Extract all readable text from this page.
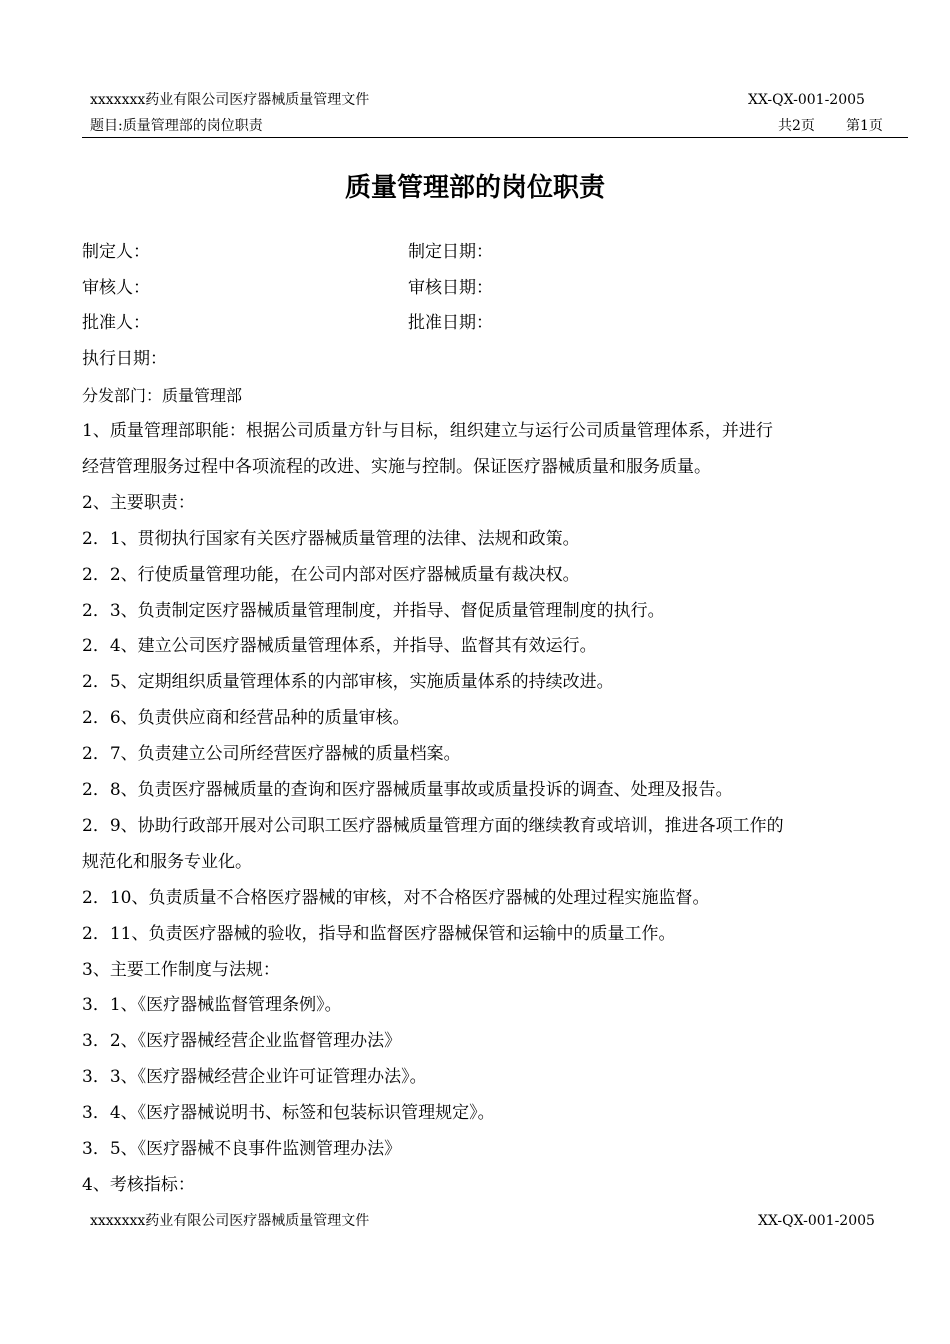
xxxxxxx药业有限公司医疗器械质量管理文件	XX-QX-001-2005
题目:质量管理部的岗位职责	共2页 第1页
质量管理部的岗位职责
制定人：	制定日期：
审核人：	审核日期：
批准人：	批准日期：
执行日期：
分发部门：质量管理部
1、质量管理部职能：根据公司质量方针与目标，组织建立与运行公司质量管理体系，并进行
经营管理服务过程中各项流程的改进、实施与控制。保证医疗器械质量和服务质量。
2、主要职责：
2．1、贯彻执行国家有关医疗器械质量管理的法律、法规和政策。
2．2、行使质量管理功能，在公司内部对医疗器械质量有裁决权。
2．3、负责制定医疗器械质量管理制度，并指导、督促质量管理制度的执行。
2．4、建立公司医疗器械质量管理体系，并指导、监督其有效运行。
2．5、定期组织质量管理体系的内部审核，实施质量体系的持续改进。
2．6、负责供应商和经营品种的质量审核。
2．7、负责建立公司所经营医疗器械的质量档案。
2．8、负责医疗器械质量的查询和医疗器械质量事故或质量投诉的调查、处理及报告。
2．9、协助行政部开展对公司职工医疗器械质量管理方面的继续教育或培训，推进各项工作的
规范化和服务专业化。
2．10、负责质量不合格医疗器械的审核，对不合格医疗器械的处理过程实施监督。
2．11、负责医疗器械的验收，指导和监督医疗器械保管和运输中的质量工作。
3、主要工作制度与法规：
3．1、《医疗器械监督管理条例》。
3．2、《医疗器械经营企业监督管理办法》
3．3、《医疗器械经营企业许可证管理办法》。
3．4、《医疗器械说明书、标签和包装标识管理规定》。
3．5、《医疗器械不良事件监测管理办法》
4、考核指标：
xxxxxxx药业有限公司医疗器械质量管理文件	XX-QX-001-2005
